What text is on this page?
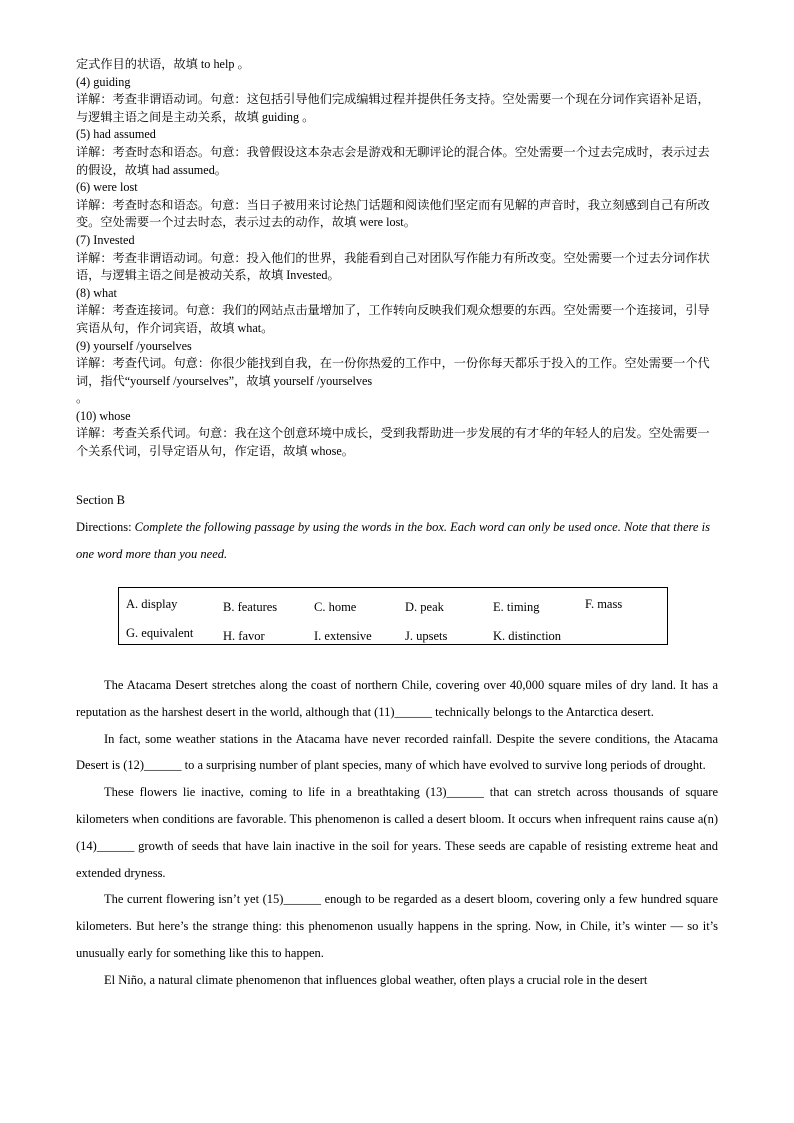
定式作目的状语，故填 to help 。

(4) guiding

详解：考查非谓语动词。句意：这包括引导他们完成编辑过程并提供任务支持。空处需要一个现在分词作宾语补足语，与逻辑主语之间是主动关系，故填 guiding 。

(5) had assumed

详解：考查时态和语态。句意：我曾假设这本杂志会是游戏和无聊评论的混合体。空处需要一个过去完成时，表示过去的假设，故填 had assumed。

(6) were lost

详解：考查时态和语态。句意：当日子被用来讨论热门话题和阅读他们坚定而有见解的声音时，我立刻感到自己有所改变。空处需要一个过去时态，表示过去的动作，故填 were lost。

(7) Invested

详解：考查非谓语动词。句意：投入他们的世界，我能看到自己对团队写作能力有所改变。空处需要一个过去分词作状语，与逻辑主语之间是被动关系，故填 Invested。

(8) what

详解：考查连接词。句意：我们的网站点击量增加了，工作转向反映我们观众想要的东西。空处需要一个连接词，引导宾语从句，作介词宾语，故填 what。

(9) yourself /yourselves

详解：考查代词。句意：你很少能找到自我，在一份你热爱的工作中，一份你每天都乐于投入的工作。空处需要一个代词，指代“yourself /yourselves”，故填 yourself /yourselves
。

(10) whose

详解：考查关系代词。句意：我在这个创意环境中成长，受到我帮助进一步发展的有才华的年轻人的启发。空处需要一个关系代词，引导定语从句，作定语，故填 whose。

Section B
Directions: Complete the following passage by using the words in the box. Each word can only be used once. Note that there is one word more than you need.
A. display	B. features	C. home	D. peak	E. timing	F. mass
G. equivalent H. favor	I. extensive	J. upsets	K. distinction

The Atacama Desert stretches along the coast of northern Chile, covering over 40,000 square miles of dry land. It has a reputation as the harshest desert in the world, although that (11)______ technically belongs to the Antarctica desert.

In fact, some weather stations in the Atacama have never recorded rainfall. Despite the severe conditions, the Atacama Desert is (12)______ to a surprising number of plant species, many of which have evolved to survive long periods of drought.

These flowers lie inactive, coming to life in a breathtaking (13)______ that can stretch across thousands of square kilometers when conditions are favorable. This phenomenon is called a desert bloom. It occurs when infrequent rains cause a(n) (14)______ growth of seeds that have lain inactive in the soil for years. These seeds are capable of resisting extreme heat and extended dryness.

The current flowering isn’t yet (15)______ enough to be regarded as a desert bloom, covering only a few hundred square kilometers. But here’s the strange thing: this phenomenon usually happens in the spring. Now, in Chile, it’s winter — so it’s unusually early for something like this to happen.

El Niño, a natural climate phenomenon that influences global weather, often plays a crucial role in the desert
